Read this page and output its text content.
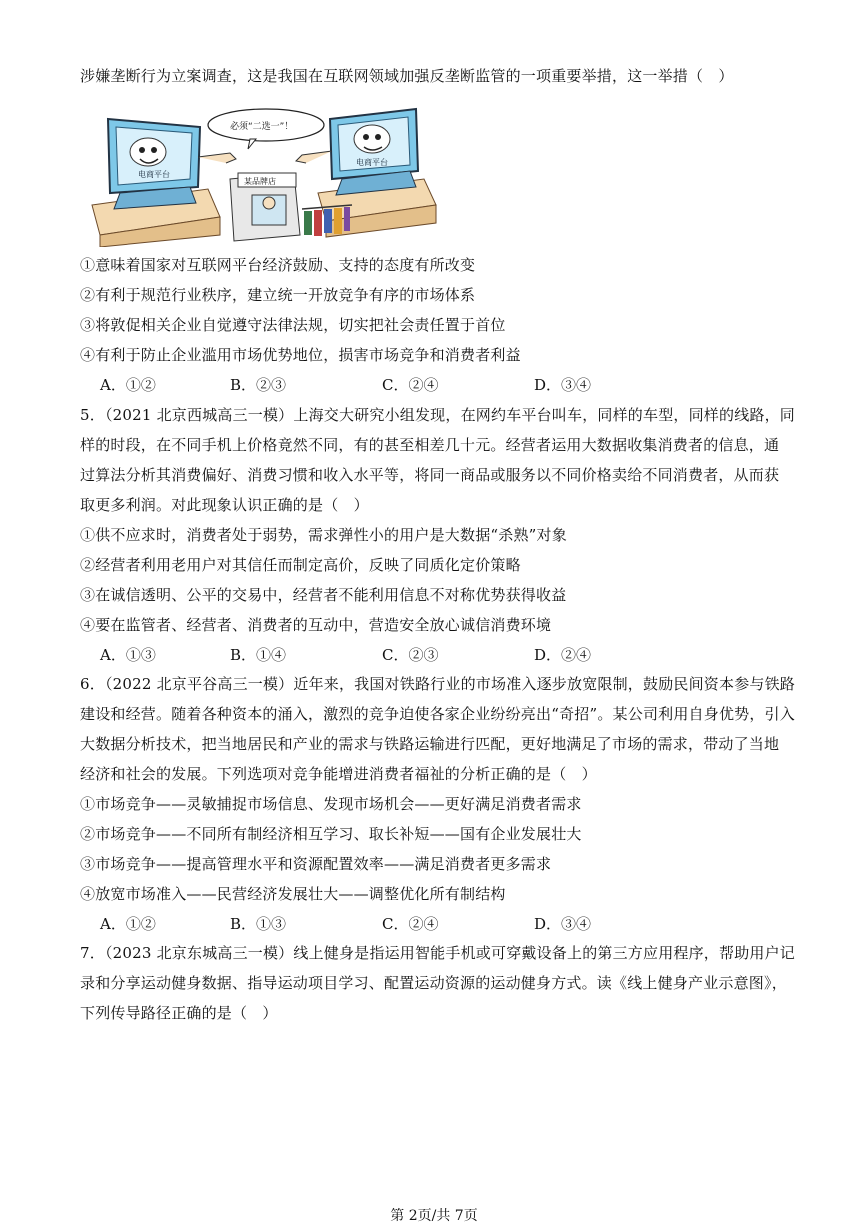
涉嫌垄断行为立案调查，这是我国在互联网领域加强反垄断监管的一项重要举措，这一举措（　）
电商平台
必须“二选一”！
电商平台
某品牌店
①意味着国家对互联网平台经济鼓励、支持的态度有所改变
②有利于规范行业秩序，建立统一开放竞争有序的市场体系
③将敦促相关企业自觉遵守法律法规，切实把社会责任置于首位
④有利于防止企业滥用市场优势地位，损害市场竞争和消费者利益
A．①②	B．②③	C．②④	D．③④
5．（2021 北京西城高三一模）上海交大研究小组发现，在网约车平台叫车，同样的车型，同样的线路，同
样的时段，在不同手机上价格竟然不同，有的甚至相差几十元。经营者运用大数据收集消费者的信息，通
过算法分析其消费偏好、消费习惯和收入水平等，将同一商品或服务以不同价格卖给不同消费者，从而获
取更多利润。对此现象认识正确的是（　）
①供不应求时，消费者处于弱势，需求弹性小的用户是大数据“杀熟”对象
②经营者利用老用户对其信任而制定高价，反映了同质化定价策略
③在诚信透明、公平的交易中，经营者不能利用信息不对称优势获得收益
④要在监管者、经营者、消费者的互动中，营造安全放心诚信消费环境
A．①③	B．①④	C．②③	D．②④
6．（2022 北京平谷高三一模）近年来，我国对铁路行业的市场准入逐步放宽限制，鼓励民间资本参与铁路
建设和经营。随着各种资本的涌入，激烈的竞争迫使各家企业纷纷亮出“奇招”。某公司利用自身优势，引入
大数据分析技术，把当地居民和产业的需求与铁路运输进行匹配，更好地满足了市场的需求，带动了当地
经济和社会的发展。下列选项对竞争能增进消费者福祉的分析正确的是（　）
①市场竞争——灵敏捕捉市场信息、发现市场机会——更好满足消费者需求
②市场竞争——不同所有制经济相互学习、取长补短——国有企业发展壮大
③市场竞争——提高管理水平和资源配置效率——满足消费者更多需求
④放宽市场准入——民营经济发展壮大——调整优化所有制结构
A．①②	B．①③	C．②④	D．③④
7．（2023 北京东城高三一模）线上健身是指运用智能手机或可穿戴设备上的第三方应用程序，帮助用户记
录和分享运动健身数据、指导运动项目学习、配置运动资源的运动健身方式。读《线上健身产业示意图》，
下列传导路径正确的是（　）
第 2页/共 7页
